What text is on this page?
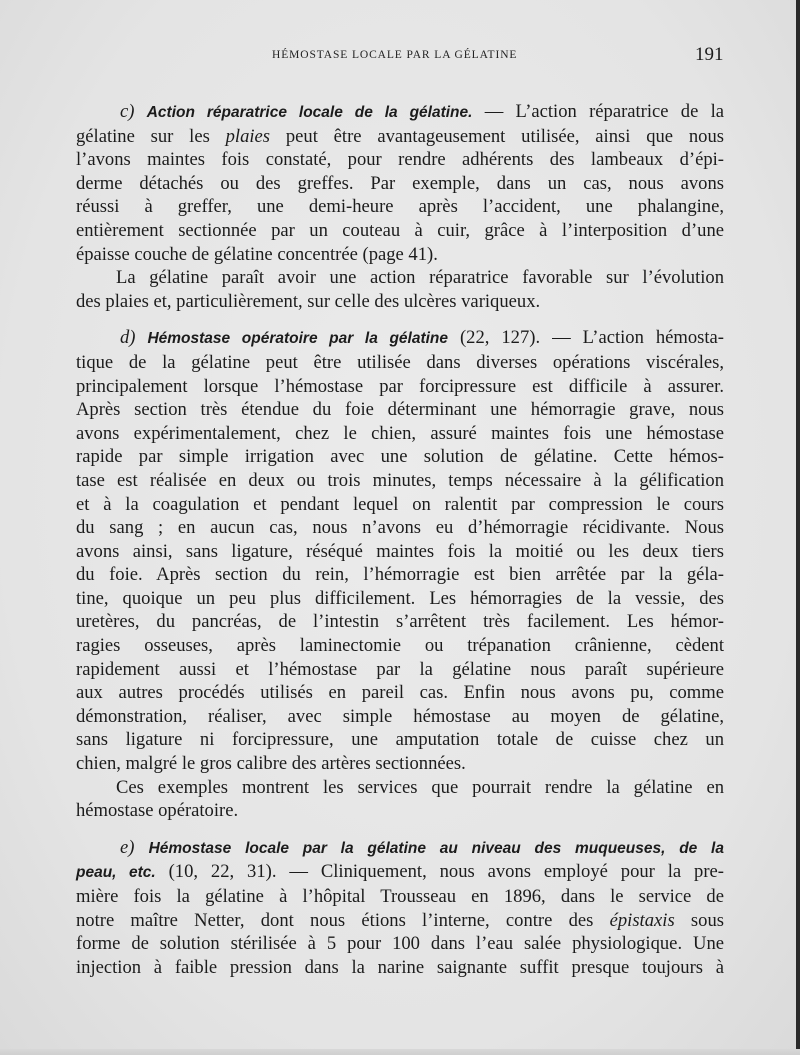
HÉMOSTASE LOCALE PAR LA GÉLATINE	191

c) Action réparatrice locale de la gélatine. — L’action réparatrice de la
gélatine sur les plaies peut être avantageusement utilisée, ainsi que nous
l’avons maintes fois constaté, pour rendre adhérents des lambeaux d’épi-
derme détachés ou des greffes. Par exemple, dans un cas, nous avons
réussi à greffer, une demi-heure après l’accident, une phalangine,
entièrement sectionnée par un couteau à cuir, grâce à l’interposition d’une
épaisse couche de gélatine concentrée (page 41).

La gélatine paraît avoir une action réparatrice favorable sur l’évolution
des plaies et, particulièrement, sur celle des ulcères variqueux.

d) Hémostase opératoire par la gélatine (22, 127). — L’action hémosta-
tique de la gélatine peut être utilisée dans diverses opérations viscérales,
principalement lorsque l’hémostase par forcipressure est difficile à assurer.
Après section très étendue du foie déterminant une hémorragie grave, nous
avons expérimentalement, chez le chien, assuré maintes fois une hémostase
rapide par simple irrigation avec une solution de gélatine. Cette hémos-
tase est réalisée en deux ou trois minutes, temps nécessaire à la gélification
et à la coagulation et pendant lequel on ralentit par compression le cours
du sang ; en aucun cas, nous n’avons eu d’hémorragie récidivante. Nous
avons ainsi, sans ligature, réséqué maintes fois la moitié ou les deux tiers
du foie. Après section du rein, l’hémorragie est bien arrêtée par la géla-
tine, quoique un peu plus difficilement. Les hémorragies de la vessie, des
uretères, du pancréas, de l’intestin s’arrêtent très facilement. Les hémor-
ragies osseuses, après laminectomie ou trépanation crânienne, cèdent
rapidement aussi et l’hémostase par la gélatine nous paraît supérieure
aux autres procédés utilisés en pareil cas. Enfin nous avons pu, comme
démonstration, réaliser, avec simple hémostase au moyen de gélatine,
sans ligature ni forcipressure, une amputation totale de cuisse chez un
chien, malgré le gros calibre des artères sectionnées.

Ces exemples montrent les services que pourrait rendre la gélatine en
hémostase opératoire.

e) Hémostase locale par la gélatine au niveau des muqueuses, de la
peau, etc. (10, 22, 31). — Cliniquement, nous avons employé pour la pre-
mière fois la gélatine à l’hôpital Trousseau en 1896, dans le service de
notre maître Netter, dont nous étions l’interne, contre des épistaxis sous
forme de solution stérilisée à 5 pour 100 dans l’eau salée physiologique. Une
injection à faible pression dans la narine saignante suffit presque toujours à
